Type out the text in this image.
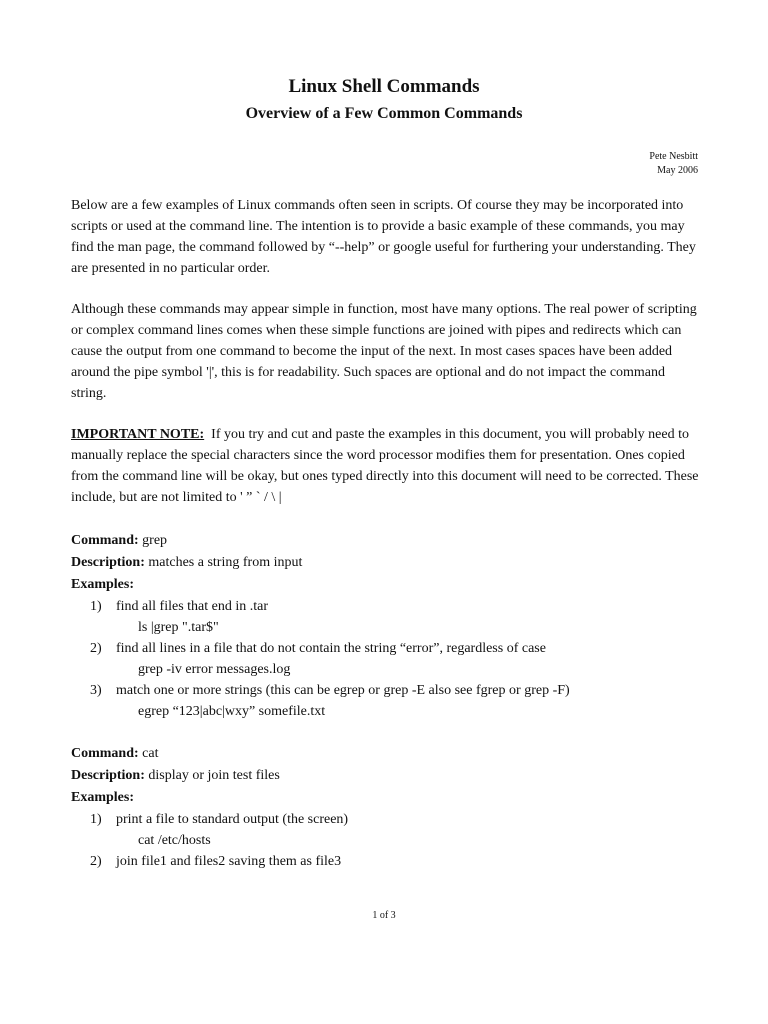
Linux Shell Commands
Overview of a Few Common Commands
Pete Nesbitt
May 2006

Below are a few examples of Linux commands often seen in scripts. Of course they may be incorporated into scripts or used at the command line. The intention is to provide a basic example of these commands, you may find the man page, the command followed by “--help” or google useful for furthering your understanding. They are presented in no particular order.

Although these commands may appear simple in function, most have many options. The real power of scripting or complex command lines comes when these simple functions are joined with pipes and redirects which can cause the output from one command to become the input of the next. In most cases spaces have been added around the pipe symbol '|', this is for readability. Such spaces are optional and do not impact the command string.

IMPORTANT NOTE: If you try and cut and paste the examples in this document, you will probably need to manually replace the special characters since the word processor modifies them for presentation. Ones copied from the command line will be okay, but ones typed directly into this document will need to be corrected. These include, but are not limited to ' ” ` / \ |

Command: grep

Description: matches a string from input

Examples:

1) find all files that end in .tar

ls |grep ".tar$"

2) find all lines in a file that do not contain the string “error”, regardless of case

grep -iv error messages.log

3) match one or more strings (this can be egrep or grep -E also see fgrep or grep -F)

egrep “123|abc|wxy” somefile.txt

Command: cat

Description: display or join test files

Examples:

1) print a file to standard output (the screen)

cat /etc/hosts

2) join file1 and files2 saving them as file3

1 of 3
